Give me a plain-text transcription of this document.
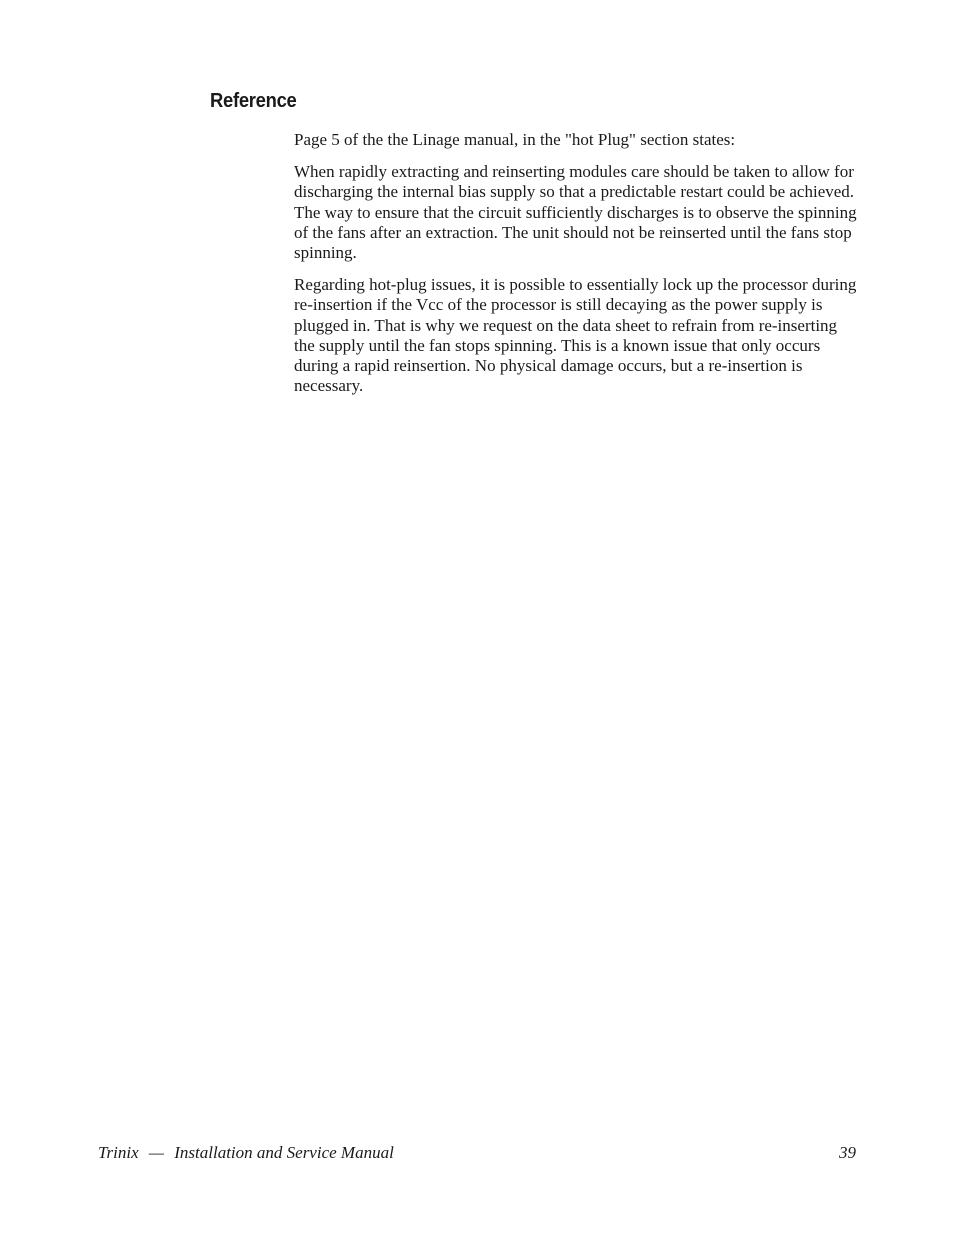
Reference

Page 5 of the the Linage manual, in the "hot Plug" section states:

When rapidly extracting and reinserting modules care should be taken to allow for discharging the internal bias supply so that a predictable restart could be achieved. The way to ensure that the circuit sufficiently discharges is to observe the spinning of the fans after an extraction. The unit should not be reinserted until the fans stop spinning.

Regarding hot-plug issues, it is possible to essentially lock up the processor during re-insertion if the Vcc of the processor is still decaying as the power supply is plugged in. That is why we request on the data sheet to refrain from re-inserting the supply until the fan stops spinning. This is a known issue that only occurs during a rapid reinsertion. No physical damage occurs, but a re-insertion is necessary.

Trinix — Installation and Service Manual	39
